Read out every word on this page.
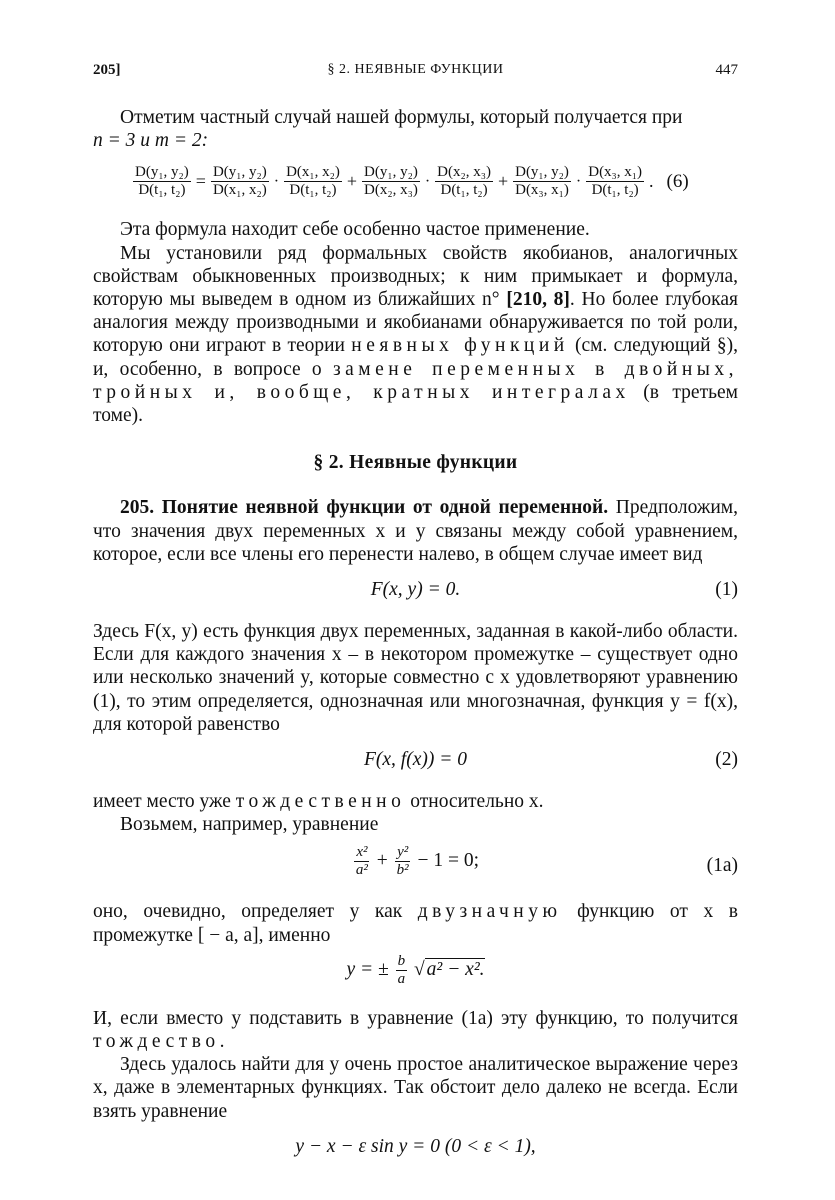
205]	§ 2. НЕЯВНЫЕ ФУНКЦИИ	447

Отметим частный случай нашей формулы, который получается при
n = 3 и m = 2:

$\frac{\text{D(y₁, y₂)}}{\text{D(t₁, t₂)}} = \frac{\text{D(y₁, y₂)}}{\text{D(x₁, x₂)}} \cdot \frac{\text{D(x₁, x₂)}}{\text{D(t₁, t₂)}} + \frac{\text{D(y₁, y₂)}}{\text{D(x₂, x₃)}} \cdot \frac{\text{D(x₂, x₃)}}{\text{D(t₁, t₂)}} + \frac{\text{D(y₁, y₂)}}{\text{D(x₃, x₁)}} \cdot \frac{\text{D(x₃, x₁)}}{\text{D(t₁, t₂)}}$ . (6)

Эта формула находит себе особенно частое применение.

Мы установили ряд формальных свойств якобианов, аналогичных свойствам обыкновенных производных; к ним примыкает и формула, которую мы выведем в одном из ближайших n° [210, 8]. Но более глубокая аналогия между производными и якобианами обнаруживается по той роли, которую они играют в теории неявных функций (см. следующий §), и, особенно, в вопросе о замене переменных в двойных, тройных и, вообще, кратных интегралах (в третьем томе).

§ 2. Неявные функции

205. Понятие неявной функции от одной переменной. Предположим, что значения двух переменных x и y связаны между собой уравнением, которое, если все члены его перенести налево, в общем случае имеет вид

F(x, y) = 0.	(1)

Здесь F(x, y) есть функция двух переменных, заданная в какой-либо области. Если для каждого значения x – в некотором промежутке – существует одно или несколько значений y, которые совместно с x удовлетворяют уравнению (1), то этим определяется, однозначная или многозначная, функция y = f(x), для которой равенство

F(x, f(x)) = 0	(2)

имеет место уже тождественно относительно x.

Возьмем, например, уравнение

$\frac{\text{x²}}{\text{a²}} + \frac{\text{y²}}{\text{b²}} - 1 = 0$;	(1a)

оно, очевидно, определяет y как двузначную функцию от x в промежутке [ − a, a], именно

y = ± $\frac{b}{a}$ √ a² − x².

И, если вместо y подставить в уравнение (1a) эту функцию, то получится тождество.

Здесь удалось найти для y очень простое аналитическое выражение через x, даже в элементарных функциях. Так обстоит дело далеко не всегда. Если взять уравнение

y − x − ε sin y = 0 (0 < ε < 1),
